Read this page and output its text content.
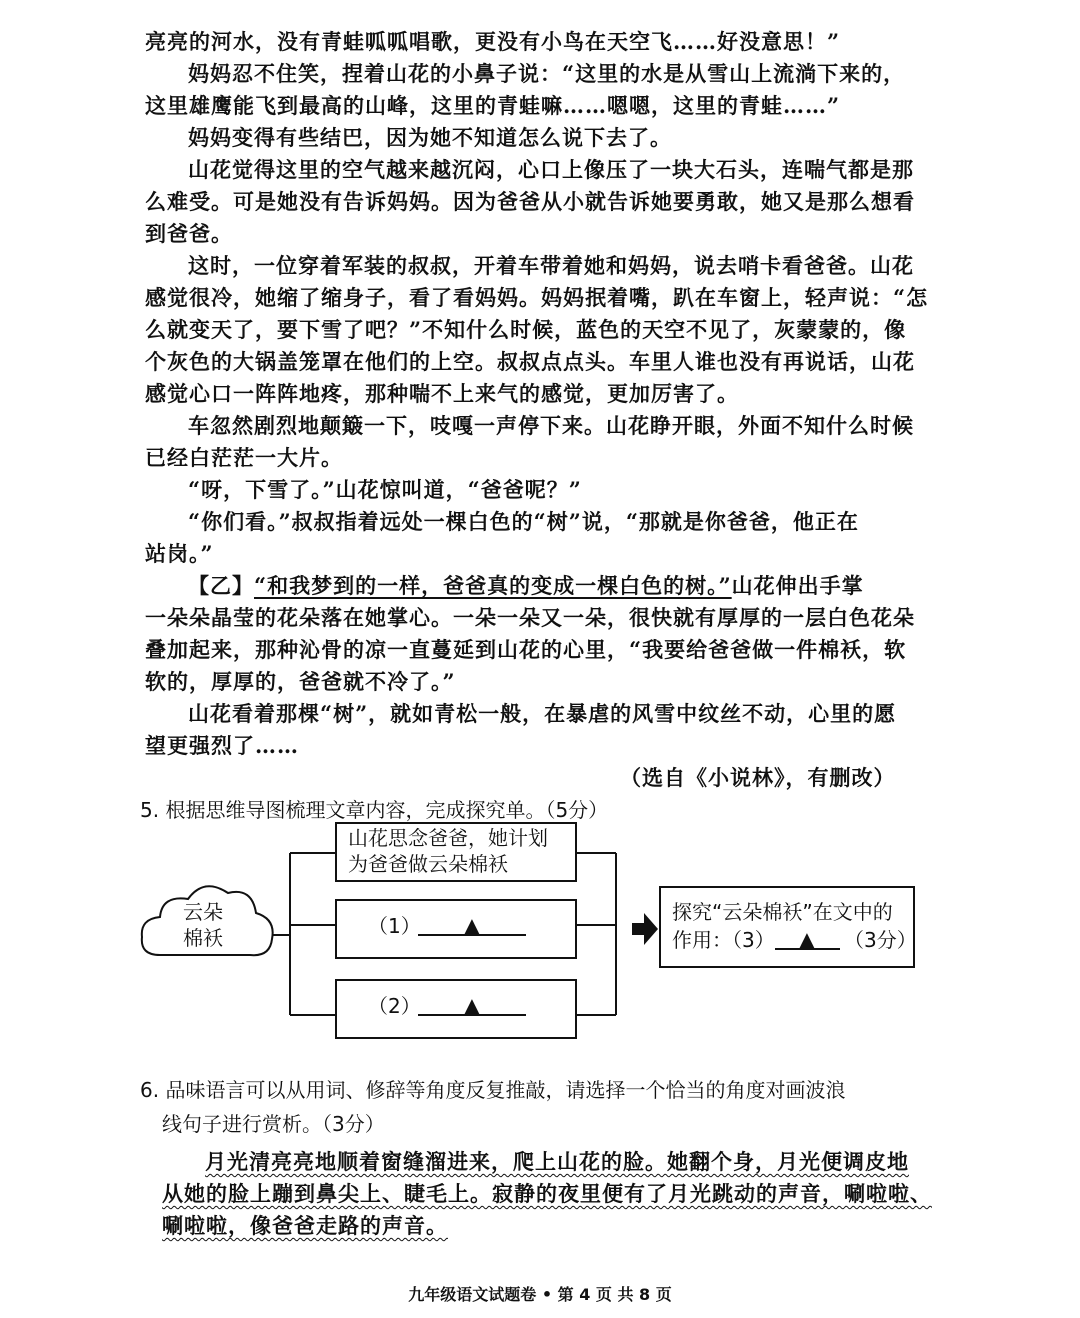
亮亮的河水，没有青蛙呱呱唱歌，更没有小鸟在天空飞……好没意思！”
妈妈忍不住笑，捏着山花的小鼻子说：“这里的水是从雪山上流淌下来的，
这里雄鹰能飞到最高的山峰，这里的青蛙嘛……嗯嗯，这里的青蛙……”
妈妈变得有些结巴，因为她不知道怎么说下去了。
山花觉得这里的空气越来越沉闷，心口上像压了一块大石头，连喘气都是那
么难受。可是她没有告诉妈妈。因为爸爸从小就告诉她要勇敢，她又是那么想看
到爸爸。
这时，一位穿着军装的叔叔，开着车带着她和妈妈，说去哨卡看爸爸。山花
感觉很冷，她缩了缩身子，看了看妈妈。妈妈抿着嘴，趴在车窗上，轻声说：“怎
么就变天了，要下雪了吧？”不知什么时候，蓝色的天空不见了，灰蒙蒙的，像
个灰色的大锅盖笼罩在他们的上空。叔叔点点头。车里人谁也没有再说话，山花
感觉心口一阵阵地疼，那种喘不上来气的感觉，更加厉害了。
车忽然剧烈地颠簸一下，吱嘎一声停下来。山花睁开眼，外面不知什么时候
已经白茫茫一大片。
“呀，下雪了。”山花惊叫道，“爸爸呢？”
“你们看。”叔叔指着远处一棵白色的“树”说，“那就是你爸爸，他正在
站岗。”
【乙】“和我梦到的一样，爸爸真的变成一棵白色的树。”山花伸出手掌
一朵朵晶莹的花朵落在她掌心。一朵一朵又一朵，很快就有厚厚的一层白色花朵
叠加起来，那种沁骨的凉一直蔓延到山花的心里，“我要给爸爸做一件棉袄，软
软的，厚厚的，爸爸就不冷了。”
山花看着那棵“树”，就如青松一般，在暴虐的风雪中纹丝不动，心里的愿
望更强烈了……
（选自《小说林》，有删改）
5. 根据思维导图梳理文章内容，完成探究单。（5分）
云朵
棉袄
山花思念爸爸，她计划
为爸爸做云朵棉袄
（1） ▲
（2） ▲
探究“云朵棉袄”在文中的
作用：（3） ▲ （3分）
6. 品味语言可以从用词、修辞等角度反复推敲，请选择一个恰当的角度对画波浪
线句子进行赏析。（3分）
月光清亮亮地顺着窗缝溜进来，爬上山花的脸。她翻个身，月光便调皮地
从她的脸上蹦到鼻尖上、睫毛上。寂静的夜里便有了月光跳动的声音，唰啦啦、
唰啦啦，像爸爸走路的声音。
九年级语文试题卷 • 第 4 页 共 8 页
